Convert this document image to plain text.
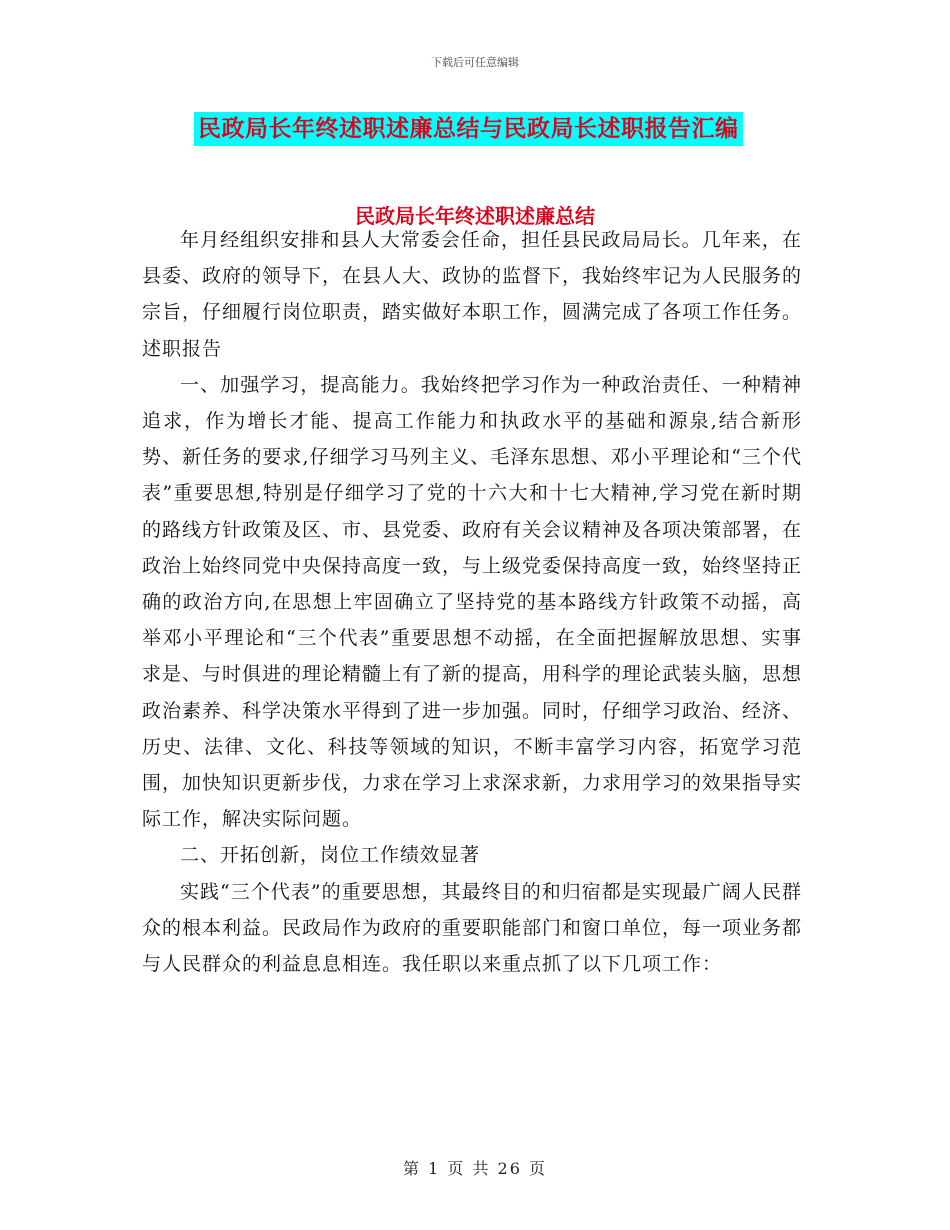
下载后可任意编辑
民政局长年终述职述廉总结与民政局长述职报告汇编
民政局长年终述职述廉总结

年月经组织安排和县人大常委会任命，担任县民政局局长。几年来，在县委、政府的领导下，在县人大、政协的监督下，我始终牢记为人民服务的宗旨，仔细履行岗位职责，踏实做好本职工作，圆满完成了各项工作任务。述职报告

一、加强学习，提高能力。我始终把学习作为一种政治责任、一种精神追求，作为增长才能、提高工作能力和执政水平的基础和源泉,结合新形势、新任务的要求,仔细学习马列主义、毛泽东思想、邓小平理论和“三个代表”重要思想,特别是仔细学习了党的十六大和十七大精神,学习党在新时期的路线方针政策及区、市、县党委、政府有关会议精神及各项决策部署，在政治上始终同党中央保持高度一致，与上级党委保持高度一致，始终坚持正确的政治方向,在思想上牢固确立了坚持党的基本路线方针政策不动摇，高举邓小平理论和“三个代表”重要思想不动摇，在全面把握解放思想、实事求是、与时俱进的理论精髓上有了新的提高，用科学的理论武装头脑，思想政治素养、科学决策水平得到了进一步加强。同时，仔细学习政治、经济、历史、法律、文化、科技等领域的知识，不断丰富学习内容，拓宽学习范围，加快知识更新步伐，力求在学习上求深求新，力求用学习的效果指导实际工作，解决实际问题。

二、开拓创新，岗位工作绩效显著

实践“三个代表”的重要思想，其最终目的和归宿都是实现最广阔人民群众的根本利益。民政局作为政府的重要职能部门和窗口单位，每一项业务都与人民群众的利益息息相连。我任职以来重点抓了以下几项工作：

第 1 页 共 26 页
